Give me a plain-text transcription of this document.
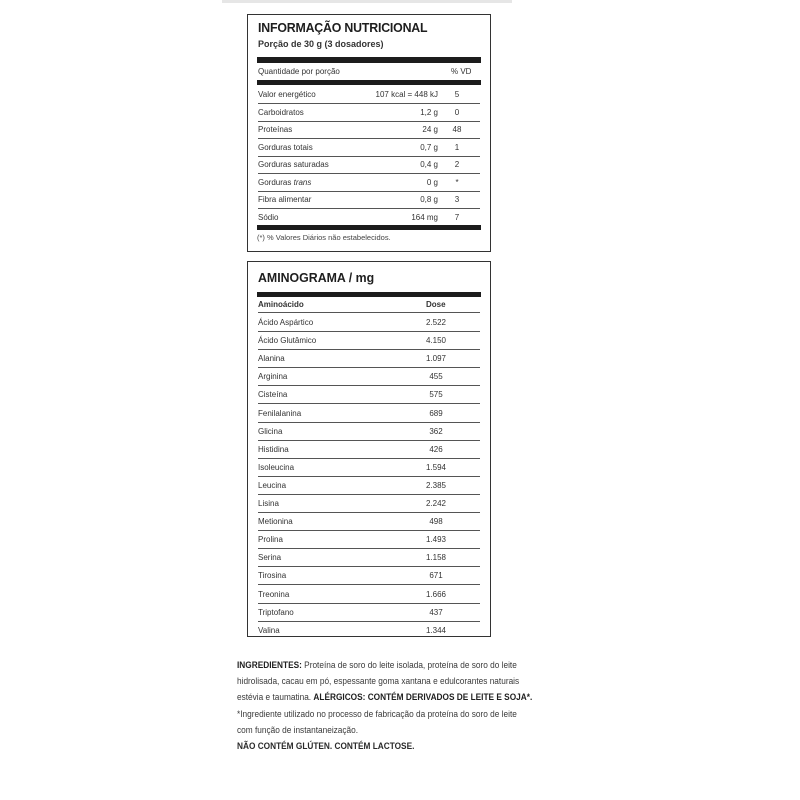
INFORMAÇÃO NUTRICIONAL
Porção de 30 g (3 dosadores)
Quantidade por porção	% VD
Valor energético	107 kcal = 448 kJ	5
Carboidratos	1,2 g	0
Proteínas	24 g	48
Gorduras totais	0,7 g	1
Gorduras saturadas	0,4 g	2
Gorduras trans	0 g	*
Fibra alimentar	0,8 g	3
Sódio	164 mg	7
(*) % Valores Diários não estabelecidos.
AMINOGRAMA / mg
Aminoácido	Dose
Ácido Aspártico	2.522
Ácido Glutâmico	4.150
Alanina	1.097
Arginina	455
Cisteína	575
Fenilalanina	689
Glicina	362
Histidina	426
Isoleucina	1.594
Leucina	2.385
Lisina	2.242
Metionina	498
Prolina	1.493
Serina	1.158
Tirosina	671
Treonina	1.666
Triptofano	437
Valina	1.344
INGREDIENTES: Proteína de soro do leite isolada, proteína de soro do leite
hidrolisada, cacau em pó, espessante goma xantana e edulcorantes naturais
estévia e taumatina. ALÉRGICOS: CONTÉM DERIVADOS DE LEITE E SOJA*.
*Ingrediente utilizado no processo de fabricação da proteína do soro de leite
com função de instantaneização.
NÃO CONTÉM GLÚTEN. CONTÉM LACTOSE.
